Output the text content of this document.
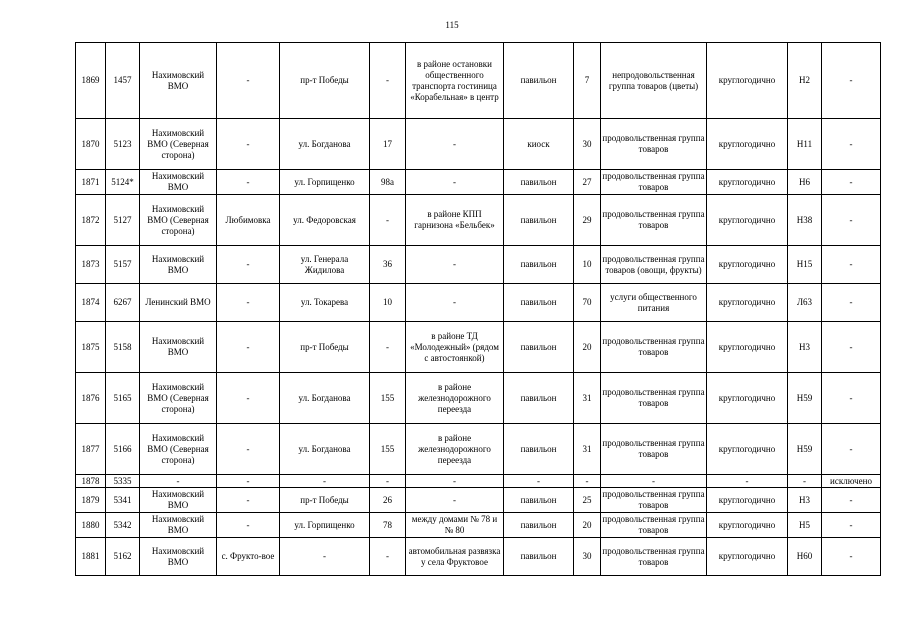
115
1869	1457	Нахимовский ВМО	-	пр-т Победы	-	в районе остановки общественного транспорта гостиница «Корабельная» в центр	павильон	7	непродовольственная группа товаров (цветы)	круглогодично	Н2	-
1870	5123	Нахимовский ВМО (Северная сторона)	-	ул. Богданова	17	-	киоск	30	продовольственная группа товаров	круглогодично	Н11	-
1871	5124*	Нахимовский ВМО	-	ул. Горпищенко	98а	-	павильон	27	продовольственная группа товаров	круглогодично	Н6	-
1872	5127	Нахимовский ВМО (Северная сторона)	Любимовка	ул. Федоровская	-	в районе КПП гарнизона «Бельбек»	павильон	29	продовольственная группа товаров	круглогодично	Н38	-
1873	5157	Нахимовский ВМО	-	ул. Генерала Жидилова	36	-	павильон	10	продовольственная группа товаров (овощи, фрукты)	круглогодично	Н15	-
1874	6267	Ленинский ВМО	-	ул. Токарева	10	-	павильон	70	услуги общественного питания	круглогодично	Л63	-
1875	5158	Нахимовский ВМО	-	пр-т Победы	-	в районе ТД «Молодежный» (рядом с автостоянкой)	павильон	20	продовольственная группа товаров	круглогодично	Н3	-
1876	5165	Нахимовский ВМО (Северная сторона)	-	ул. Богданова	155	в районе железнодорожного переезда	павильон	31	продовольственная группа товаров	круглогодично	Н59	-
1877	5166	Нахимовский ВМО (Северная сторона)	-	ул. Богданова	155	в районе железнодорожного переезда	павильон	31	продовольственная группа товаров	круглогодично	Н59	-
1878	5335	-	-	-	-	-	-	-	-	-	-	исключено
1879	5341	Нахимовский ВМО	-	пр-т Победы	26	-	павильон	25	продовольственная группа товаров	круглогодично	Н3	-
1880	5342	Нахимовский ВМО	-	ул. Горпищенко	78	между домами № 78 и № 80	павильон	20	продовольственная группа товаров	круглогодично	Н5	-
1881	5162	Нахимовский ВМО	с. Фрукто-вое	-	-	автомобильная развязка у села Фруктовое	павильон	30	продовольственная группа товаров	круглогодично	Н60	-
